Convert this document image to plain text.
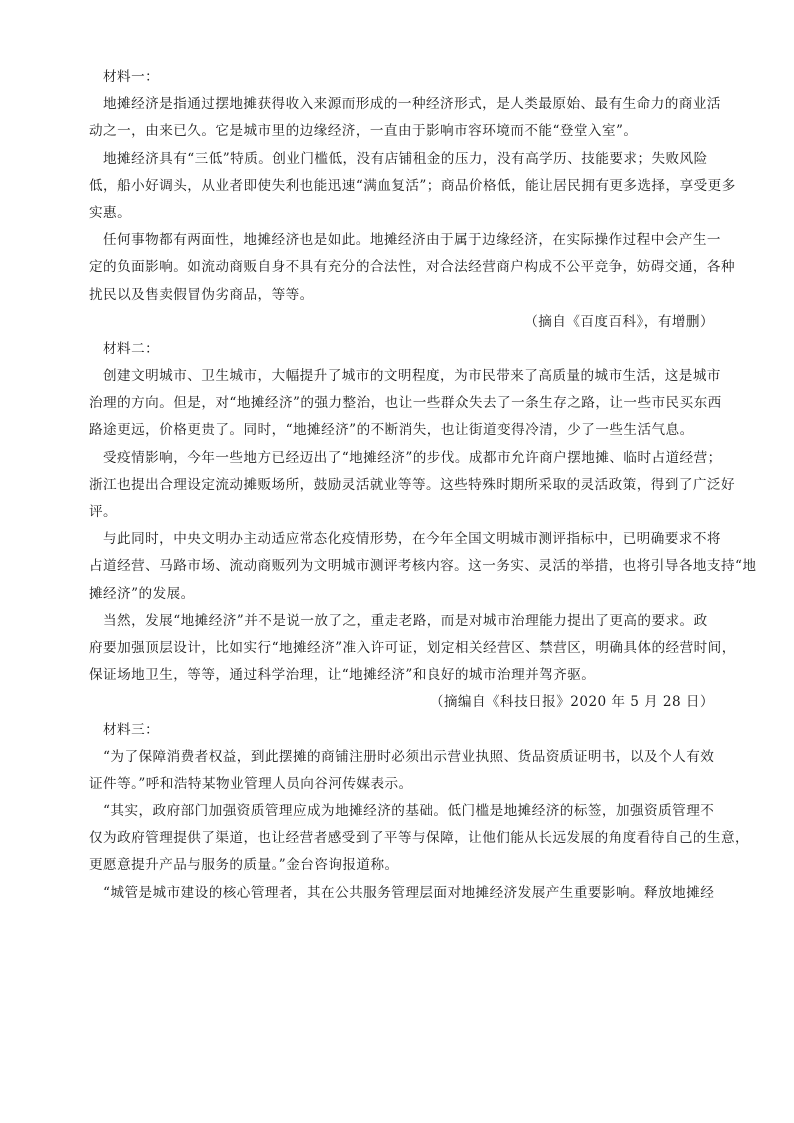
材料一：
地摊经济是指通过摆地摊获得收入来源而形成的一种经济形式，是人类最原始、最有生命力的商业活
动之一，由来已久。它是城市里的边缘经济，一直由于影响市容环境而不能“登堂入室”。
地摊经济具有“三低”特质。创业门槛低，没有店铺租金的压力，没有高学历、技能要求；失败风险
低，船小好调头，从业者即使失利也能迅速“满血复活”；商品价格低，能让居民拥有更多选择，享受更多
实惠。
任何事物都有两面性，地摊经济也是如此。地摊经济由于属于边缘经济，在实际操作过程中会产生一
定的负面影响。如流动商贩自身不具有充分的合法性，对合法经营商户构成不公平竞争，妨碍交通，各种
扰民以及售卖假冒伪劣商品，等等。
（摘自《百度百科》，有增删）
材料二：
创建文明城市、卫生城市，大幅提升了城市的文明程度，为市民带来了高质量的城市生活，这是城市
治理的方向。但是，对“地摊经济”的强力整治，也让一些群众失去了一条生存之路，让一些市民买东西
路途更远，价格更贵了。同时，“地摊经济”的不断消失，也让街道变得冷清，少了一些生活气息。
受疫情影响，今年一些地方已经迈出了“地摊经济”的步伐。成都市允许商户摆地摊、临时占道经营；
浙江也提出合理设定流动摊贩场所，鼓励灵活就业等等。这些特殊时期所采取的灵活政策，得到了广泛好
评。
与此同时，中央文明办主动适应常态化疫情形势，在今年全国文明城市测评指标中，已明确要求不将
占道经营、马路市场、流动商贩列为文明城市测评考核内容。这一务实、灵活的举措，也将引导各地支持“地
摊经济”的发展。
当然，发展“地摊经济”并不是说一放了之，重走老路，而是对城市治理能力提出了更高的要求。政
府要加强顶层设计，比如实行“地摊经济”准入许可证，划定相关经营区、禁营区，明确具体的经营时间，
保证场地卫生，等等，通过科学治理，让“地摊经济”和良好的城市治理并驾齐驱。
（摘编自《科技日报》2020 年 5 月 28 日）
材料三：
“为了保障消费者权益，到此摆摊的商铺注册时必须出示营业执照、货品资质证明书，以及个人有效
证件等。”呼和浩特某物业管理人员向谷河传媒表示。
“其实，政府部门加强资质管理应成为地摊经济的基础。低门槛是地摊经济的标签，加强资质管理不
仅为政府管理提供了渠道，也让经营者感受到了平等与保障，让他们能从长远发展的角度看待自己的生意，
更愿意提升产品与服务的质量。”金台咨询报道称。
“城管是城市建设的核心管理者，其在公共服务管理层面对地摊经济发展产生重要影响。释放地摊经
